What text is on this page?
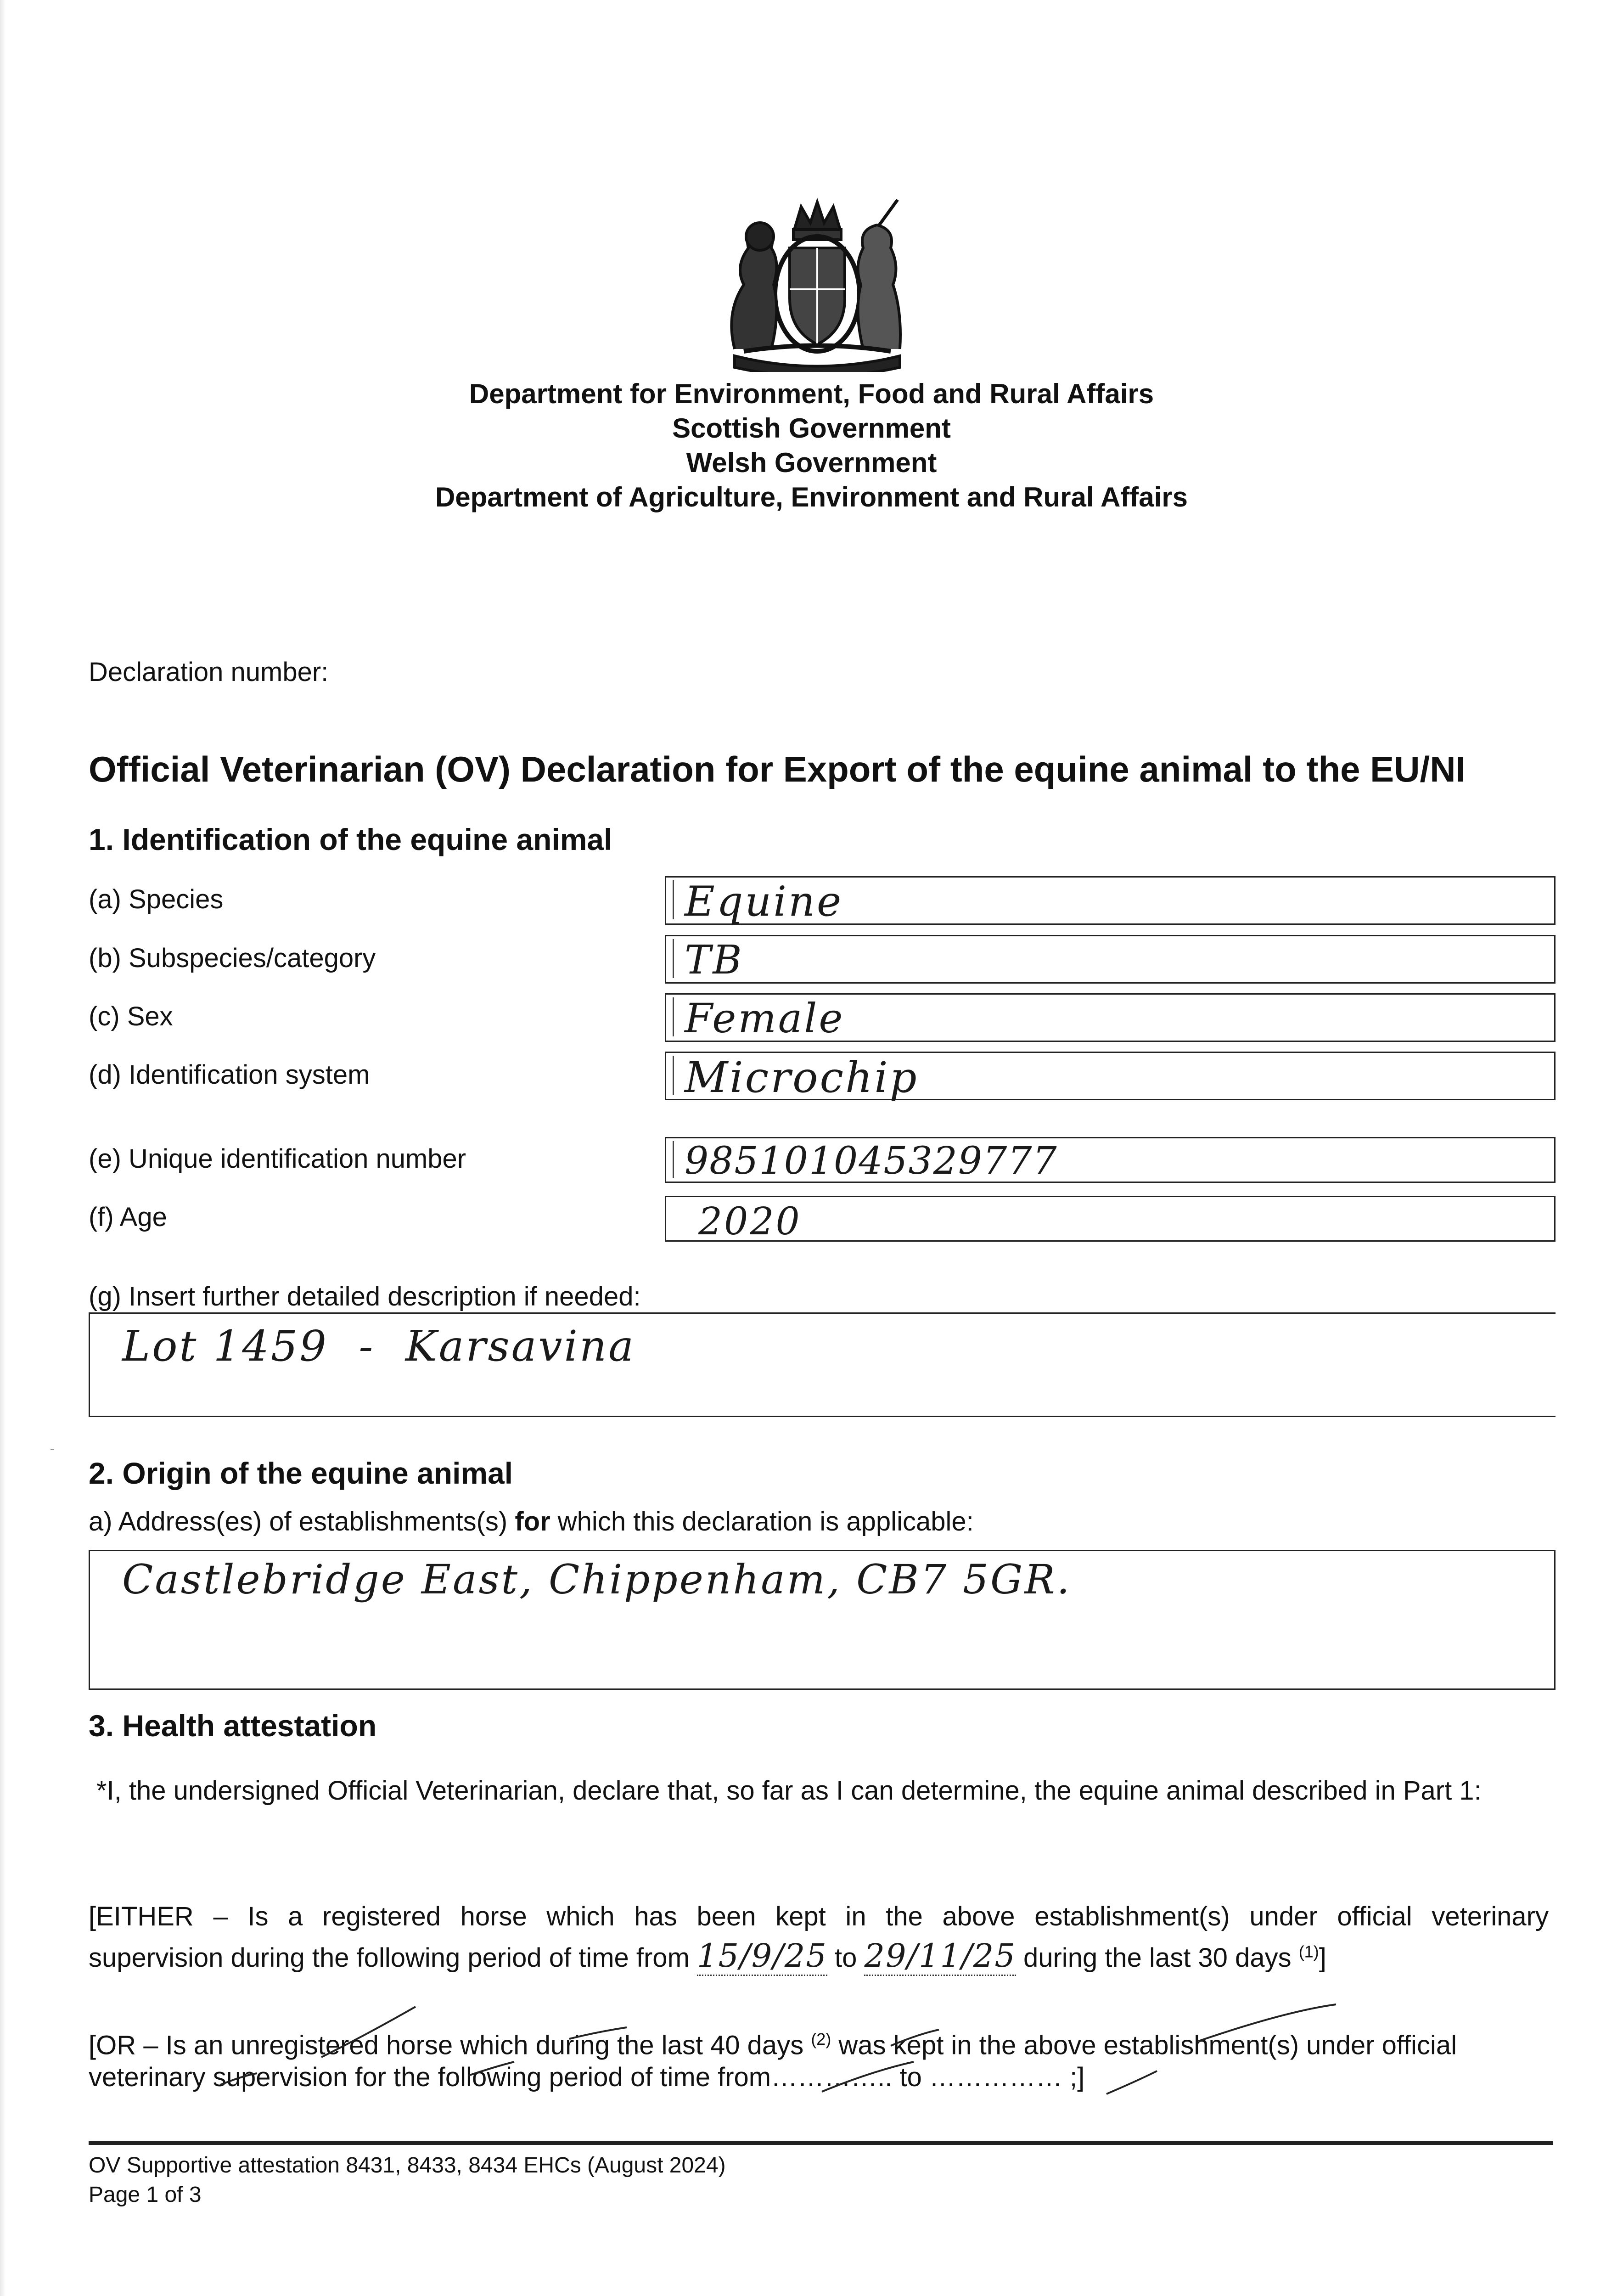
Department for Environment, Food and Rural Affairs
Scottish Government
Welsh Government
Department of Agriculture, Environment and Rural Affairs
Declaration number:
Official Veterinarian (OV) Declaration for Export of the equine animal to the EU/NI
1. Identification of the equine animal
(a) Species	Equine
(b) Subspecies/category	TB
(c) Sex	Female
(d) Identification system	Microchip
(e) Unique identification number	985101045329777
(f) Age	2020
(g) Insert further detailed description if needed:
Lot 1459  -  Karsavina
2. Origin of the equine animal
a) Address(es) of establishments(s) for which this declaration is applicable:
Castlebridge East, Chippenham, CB7 5GR.
3. Health attestation
*I, the undersigned Official Veterinarian, declare that, so far as I can determine, the equine animal described in Part 1:
[EITHER – Is a registered horse which has been kept in the above establishment(s) under official veterinary
supervision during the following period of time from 15/9/25 to 29/11/25 during the last 30 days $^{(1)}$]
[OR – Is an unregistered horse which during the last 40 days $^{(2)}$ was kept in the above establishment(s) under official
veterinary supervision for the following period of time from………….. to …………… ;]
OV Supportive attestation 8431, 8433, 8434 EHCs (August 2024)
Page 1 of 3
